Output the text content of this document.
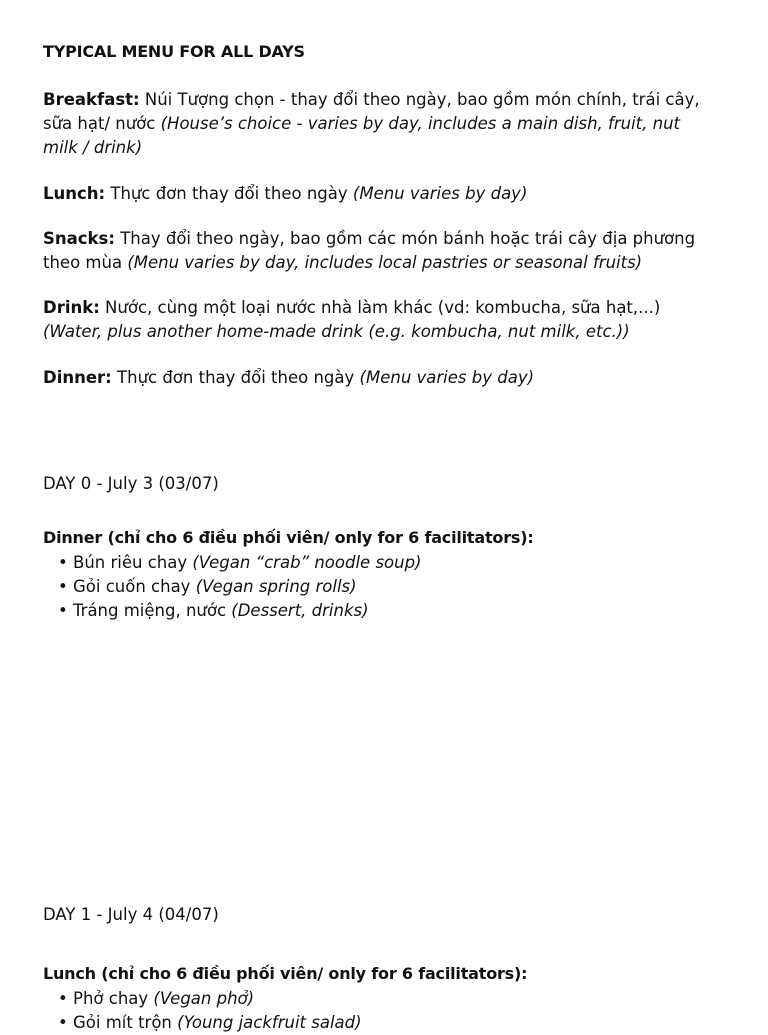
TYPICAL MENU FOR ALL DAYS
Breakfast: Núi Tượng chọn - thay đổi theo ngày, bao gồm món chính, trái cây, sữa hạt/ nước (House’s choice - varies by day, includes a main dish, fruit, nut milk / drink)
Lunch: Thực đơn thay đổi theo ngày (Menu varies by day)
Snacks: Thay đổi theo ngày, bao gồm các món bánh hoặc trái cây địa phương theo mùa (Menu varies by day, includes local pastries or seasonal fruits)
Drink: Nước, cùng một loại nước nhà làm khác (vd: kombucha, sữa hạt,...) (Water, plus another home-made drink (e.g. kombucha, nut milk, etc.))
Dinner: Thực đơn thay đổi theo ngày (Menu varies by day)
DAY 0 - July 3 (03/07)
Dinner (chỉ cho 6 điều phối viên/ only for 6 facilitators):
• Bún riêu chay (Vegan “crab” noodle soup)
• Gỏi cuốn chay (Vegan spring rolls)
• Tráng miệng, nước (Dessert, drinks)
DAY 1 - July 4 (04/07)
Lunch (chỉ cho 6 điều phối viên/ only for 6 facilitators):
• Phở chay (Vegan phở)
• Gỏi mít trộn (Young jackfruit salad)
